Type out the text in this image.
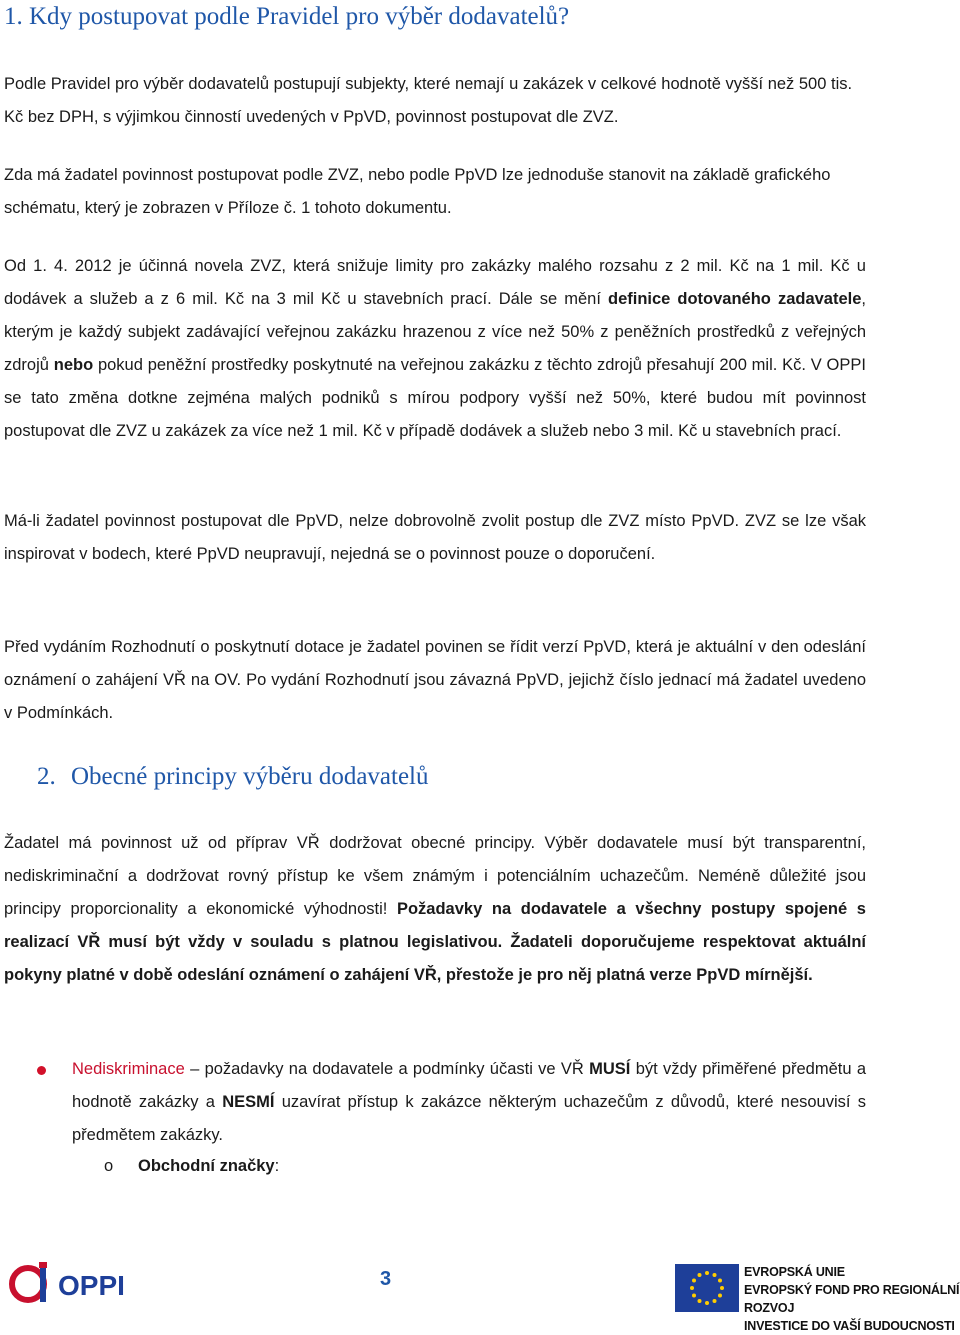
1. Kdy postupovat podle Pravidel pro výběr dodavatelů?

Podle Pravidel pro výběr dodavatelů postupují subjekty, které nemají u zakázek v celkové hodnotě vyšší než 500 tis. Kč bez DPH, s výjimkou činností uvedených v PpVD, povinnost postupovat dle ZVZ.

Zda má žadatel povinnost postupovat podle ZVZ, nebo podle PpVD lze jednoduše stanovit na základě grafického schématu, který je zobrazen v Příloze č. 1 tohoto dokumentu.

Od 1. 4. 2012 je účinná novela ZVZ, která snižuje limity pro zakázky malého rozsahu z 2 mil. Kč na 1 mil. Kč u dodávek a služeb a z 6 mil. Kč na 3 mil Kč u stavebních prací. Dále se mění definice dotovaného zadavatele, kterým je každý subjekt zadávající veřejnou zakázku hrazenou z více než 50% z peněžních prostředků z veřejných zdrojů nebo pokud peněžní prostředky poskytnuté na veřejnou zakázku z těchto zdrojů přesahují 200 mil. Kč. V OPPI se tato změna dotkne zejména malých podniků s mírou podpory vyšší než 50%, které budou mít povinnost postupovat dle ZVZ u zakázek za více než 1 mil. Kč v případě dodávek a služeb nebo 3 mil. Kč u stavebních prací.

Má-li žadatel povinnost postupovat dle PpVD, nelze dobrovolně zvolit postup dle ZVZ místo PpVD. ZVZ se lze však inspirovat v bodech, které PpVD neupravují, nejedná se o povinnost pouze o doporučení.

Před vydáním Rozhodnutí o poskytnutí dotace je žadatel povinen se řídit verzí PpVD, která je aktuální v den odeslání oznámení o zahájení VŘ na OV. Po vydání Rozhodnutí jsou závazná PpVD, jejichž číslo jednací má žadatel uvedeno v Podmínkách.

2. Obecné principy výběru dodavatelů

Žadatel má povinnost už od příprav VŘ dodržovat obecné principy. Výběr dodavatele musí být transparentní, nediskriminační a dodržovat rovný přístup ke všem známým i potenciálním uchazečům. Neméně důležité jsou principy proporcionality a ekonomické výhodnosti! Požadavky na dodavatele a všechny postupy spojené s realizací VŘ musí být vždy v souladu s platnou legislativou. Žadateli doporučujeme respektovat aktuální pokyny platné v době odeslání oznámení o zahájení VŘ, přestože je pro něj platná verze PpVD mírnější.

Nediskriminace – požadavky na dodavatele a podmínky účasti ve VŘ MUSÍ být vždy přiměřené předmětu a hodnotě zakázky a NESMÍ uzavírat přístup k zakázce některým uchazečům z důvodů, které nesouvisí s předmětem zakázky.

o Obchodní značky:
OPPI	3	EVROPSKÁ UNIE
EVROPSKÝ FOND PRO REGIONÁLNÍ ROZVOJ
INVESTICE DO VAŠÍ BUDOUCNOSTI
